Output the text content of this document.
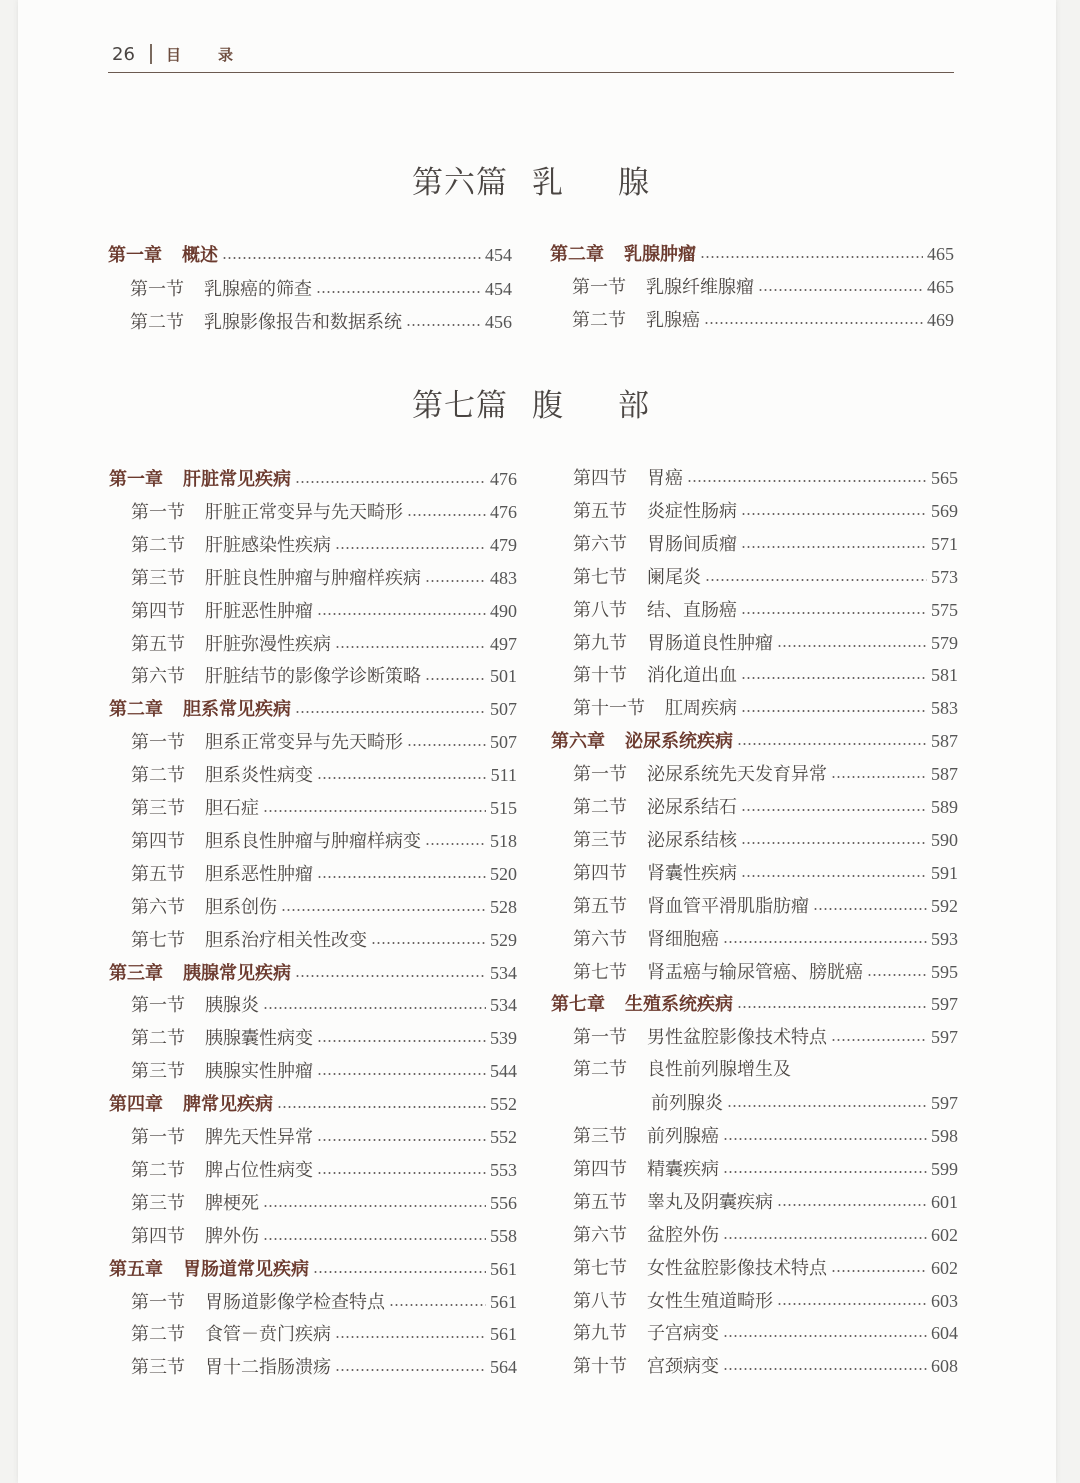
26 目 录
第六篇 乳 腺
第七篇 腹 部
第一章 概述	454
第一节 乳腺癌的筛查	454
第二节 乳腺影像报告和数据系统	456
第二章 乳腺肿瘤	465
第一节 乳腺纤维腺瘤	465
第二节 乳腺癌	469
第一章 肝脏常见疾病	476
第一节 肝脏正常变异与先天畸形	476
第二节 肝脏感染性疾病	479
第三节 肝脏良性肿瘤与肿瘤样疾病	483
第四节 肝脏恶性肿瘤	490
第五节 肝脏弥漫性疾病	497
第六节 肝脏结节的影像学诊断策略	501
第二章 胆系常见疾病	507
第一节 胆系正常变异与先天畸形	507
第二节 胆系炎性病变	511
第三节 胆石症	515
第四节 胆系良性肿瘤与肿瘤样病变	518
第五节 胆系恶性肿瘤	520
第六节 胆系创伤	528
第七节 胆系治疗相关性改变	529
第三章 胰腺常见疾病	534
第一节 胰腺炎	534
第二节 胰腺囊性病变	539
第三节 胰腺实性肿瘤	544
第四章 脾常见疾病	552
第一节 脾先天性异常	552
第二节 脾占位性病变	553
第三节 脾梗死	556
第四节 脾外伤	558
第五章 胃肠道常见疾病	561
第一节 胃肠道影像学检查特点	561
第二节 食管－贲门疾病	561
第三节 胃十二指肠溃疡	564
第四节 胃癌	565
第五节 炎症性肠病	569
第六节 胃肠间质瘤	571
第七节 阑尾炎	573
第八节 结、直肠癌	575
第九节 胃肠道良性肿瘤	579
第十节 消化道出血	581
第十一节 肛周疾病	583
第六章 泌尿系统疾病	587
第一节 泌尿系统先天发育异常	587
第二节 泌尿系结石	589
第三节 泌尿系结核	590
第四节 肾囊性疾病	591
第五节 肾血管平滑肌脂肪瘤	592
第六节 肾细胞癌	593
第七节 肾盂癌与输尿管癌、膀胱癌	595
第七章 生殖系统疾病	597
第一节 男性盆腔影像技术特点	597
第二节 良性前列腺增生及
前列腺炎	597
第三节 前列腺癌	598
第四节 精囊疾病	599
第五节 睾丸及阴囊疾病	601
第六节 盆腔外伤	602
第七节 女性盆腔影像技术特点	602
第八节 女性生殖道畸形	603
第九节 子宫病变	604
第十节 宫颈病变	608
